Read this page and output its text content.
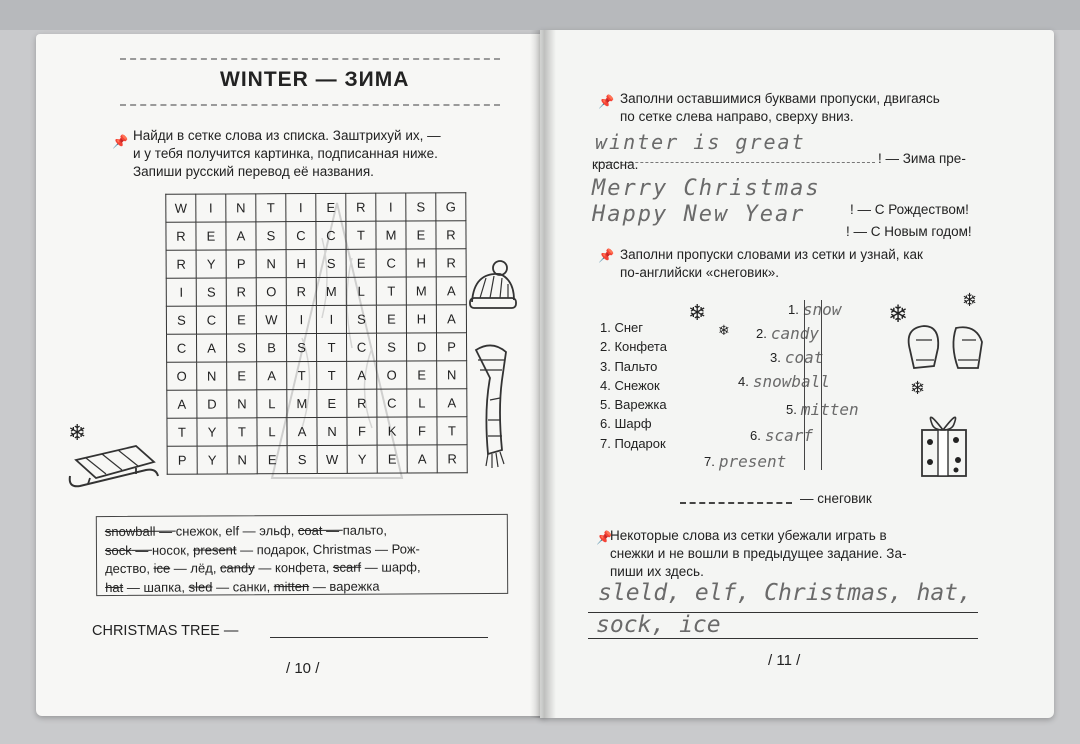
WINTER — ЗИМА
📌 Найди в сетке слова из списка. Заштрихуй их, —
и у тебя получится картинка, подписанная ниже.
Запиши русский перевод её названия.
W	I	N	T	I	E	R	I	S	G
R	E	A	S	C	C	T	M	E	R
R	Y	P	N	H	S	E	C	H	R
I	S	R	O	R	M	L	T	M	A
S	C	E	W	I	I	S	E	H	A
C	A	S	B	S	T	C	S	D	P
O	N	E	A	T	T	A	O	E	N
A	D	N	L	M	E	R	C	L	A
T	Y	T	L	A	N	F	K	F	T
P	Y	N	E	S	W	Y	E	A	R
❄
snowball — снежок, elf — эльф, coat — пальто,
sock — носок, present — подарок, Christmas — Рож-
дество, ice — лёд, candy — конфета, scarf — шарф,
hat — шапка, sled — санки, mitten — варежка
CHRISTMAS TREE —
/ 10 /
📌 Заполни оставшимися буквами пропуски, двигаясь
по сетке слева направо, сверху вниз.
winter is great
! — Зима пре-
красна.
Merry Christmas
! — С Рождеством!
Happy New Year
! — С Новым годом!
📌 Заполни пропуски словами из сетки и узнай, как
по-английски «снеговик».
1. Снег
2. Конфета
3. Пальто
4. Снежок
5. Варежка
6. Шарф
7. Подарок
1. snow
2. candy
3. coat
4. snowball
5. mitten
6. scarf
7. present
— снеговик
❄
❄
❄
❄
❄
📌
Некоторые слова из сетки убежали играть в
снежки и не вошли в предыдущее задание. За-
пиши их здесь.
sleld, elf, Christmas, hat,
sock, ice
/ 11 /
